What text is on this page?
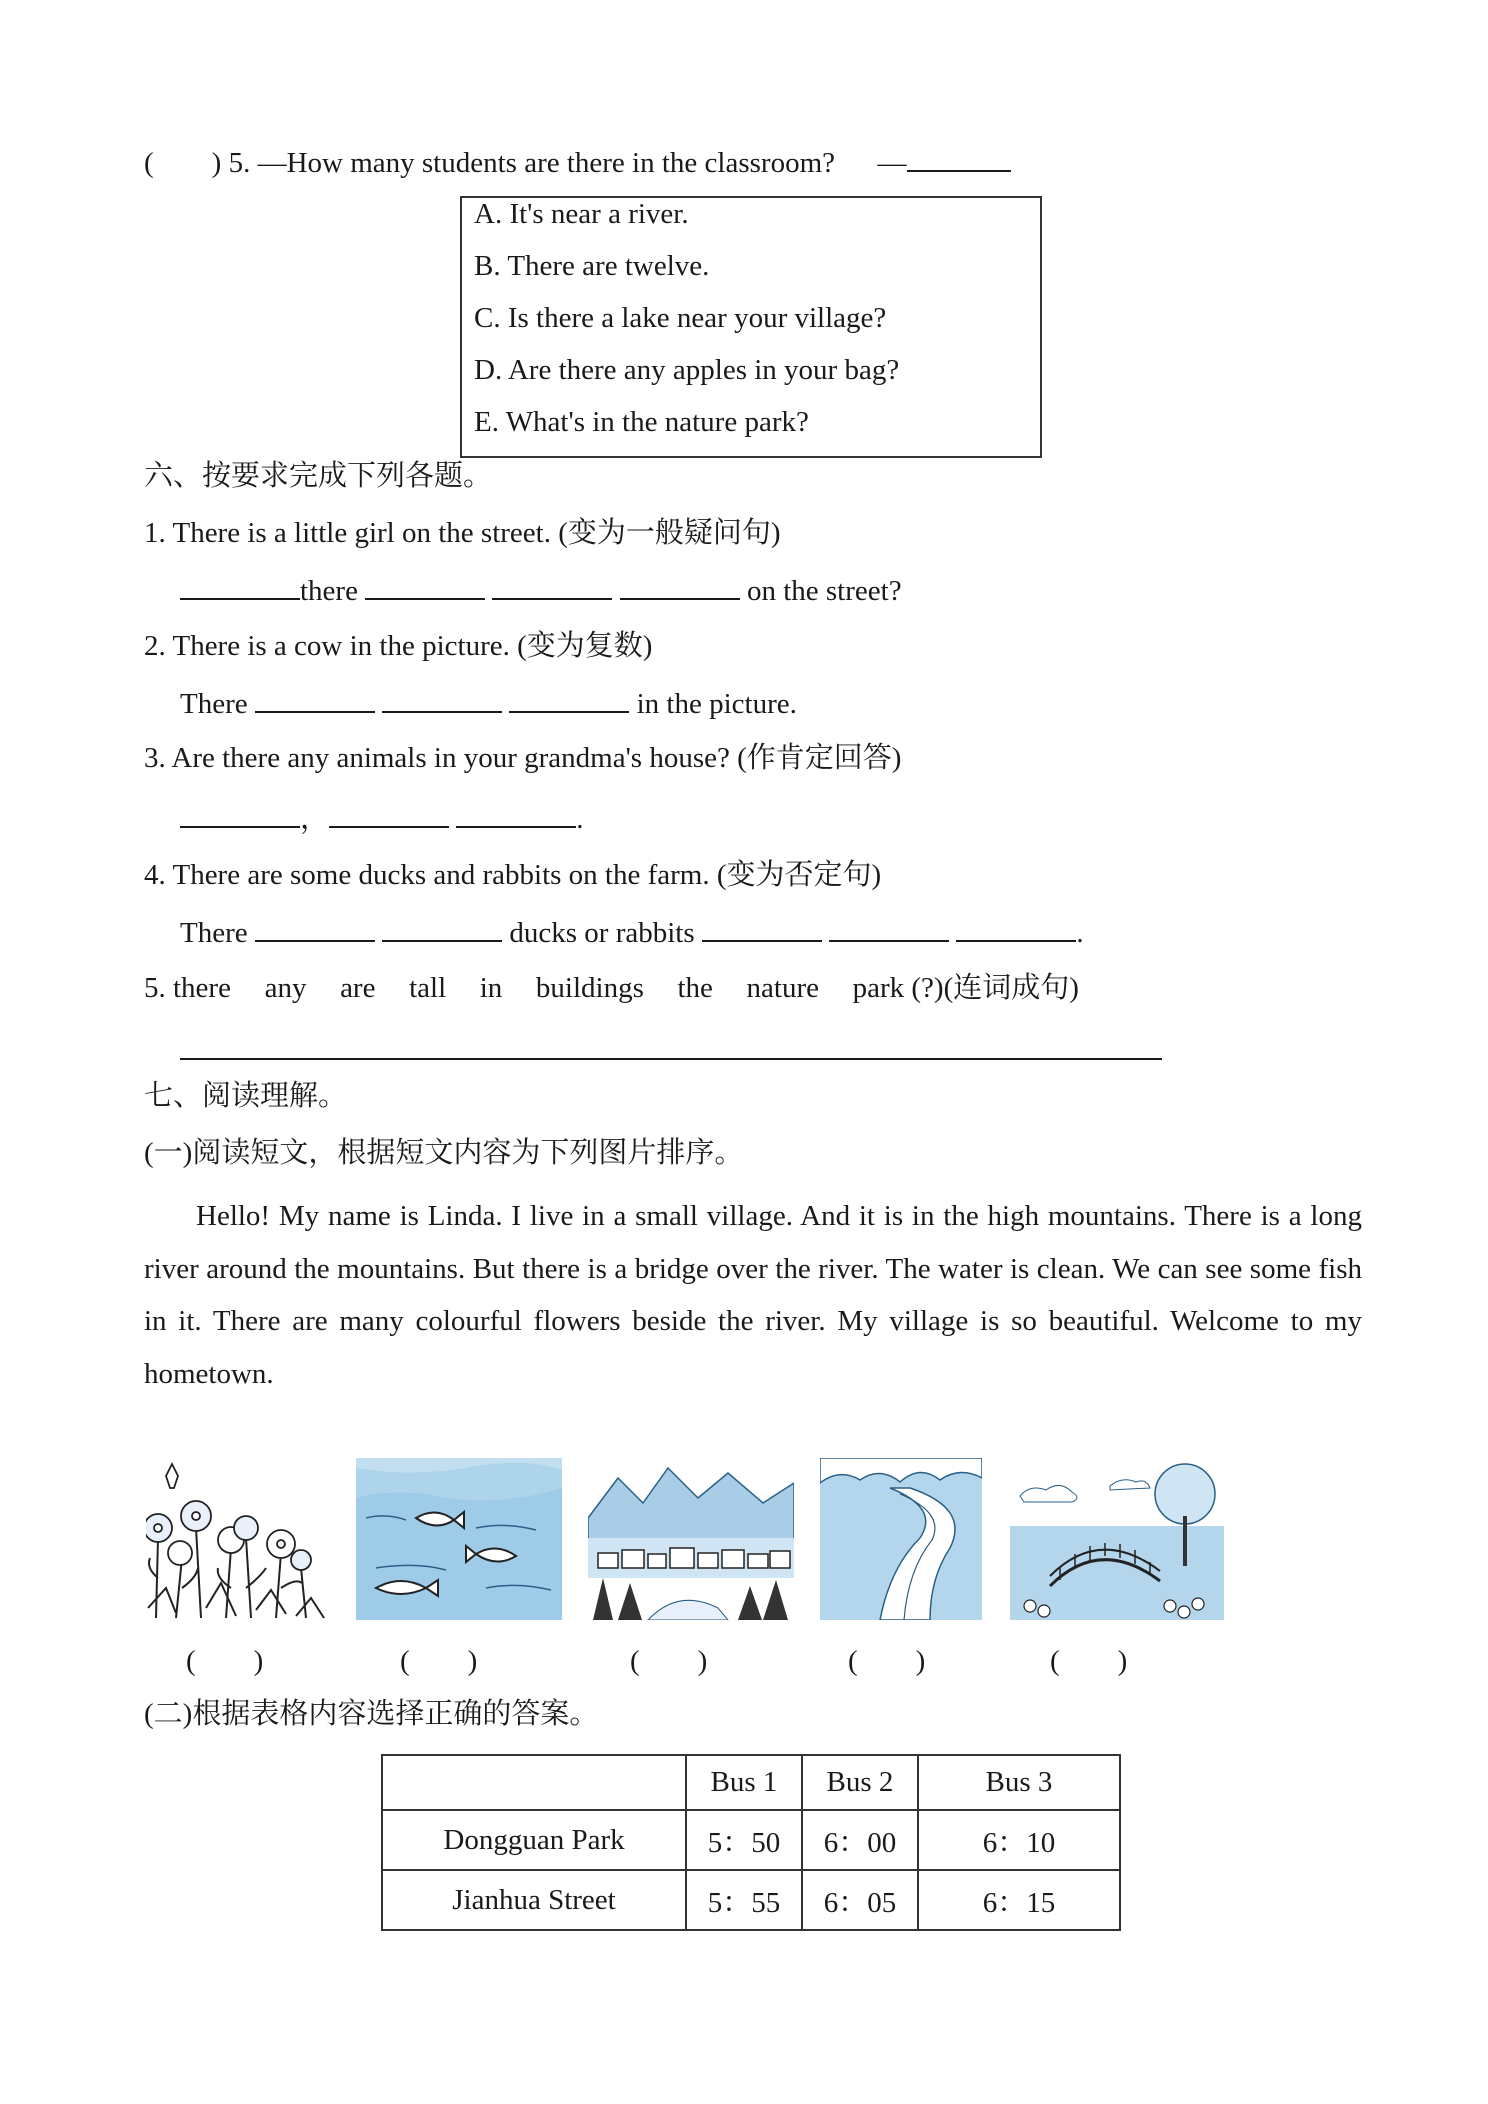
(        ) 5. —How many students are there in the classroom? —
A. It's near a river.
B. There are twelve.
C. Is there a lake near your village?
D. Are there any apples in your bag?
E. What's in the nature park?
六、按要求完成下列各题。
1. There is a little girl on the street. (变为一般疑问句)
there	on the street?
2. There is a cow in the picture. (变为复数)
There	in the picture.
3. Are there any animals in your grandma's house? (作肯定回答)
，	.
4. There are some ducks and rabbits on the farm. (变为否定句)
There	ducks or rabbits	.
5. there any are tall in buildings the nature park (?)(连词成句)
七、阅读理解。
(一)阅读短文，根据短文内容为下列图片排序。
Hello! My name is Linda. I live in a small village. And it is in the high mountains. There is a long river around the mountains. But there is a bridge over the river. The water is clean. We can see some fish in it. There are many colourful flowers beside the river. My village is so beautiful. Welcome to my hometown.
(        )	(        )	(        )	(        )	(        )
(二)根据表格内容选择正确的答案。
	Bus 1	Bus 2	Bus 3
Dongguan Park	5：50	6：00	6：10
Jianhua Street	5：55	6：05	6：15
